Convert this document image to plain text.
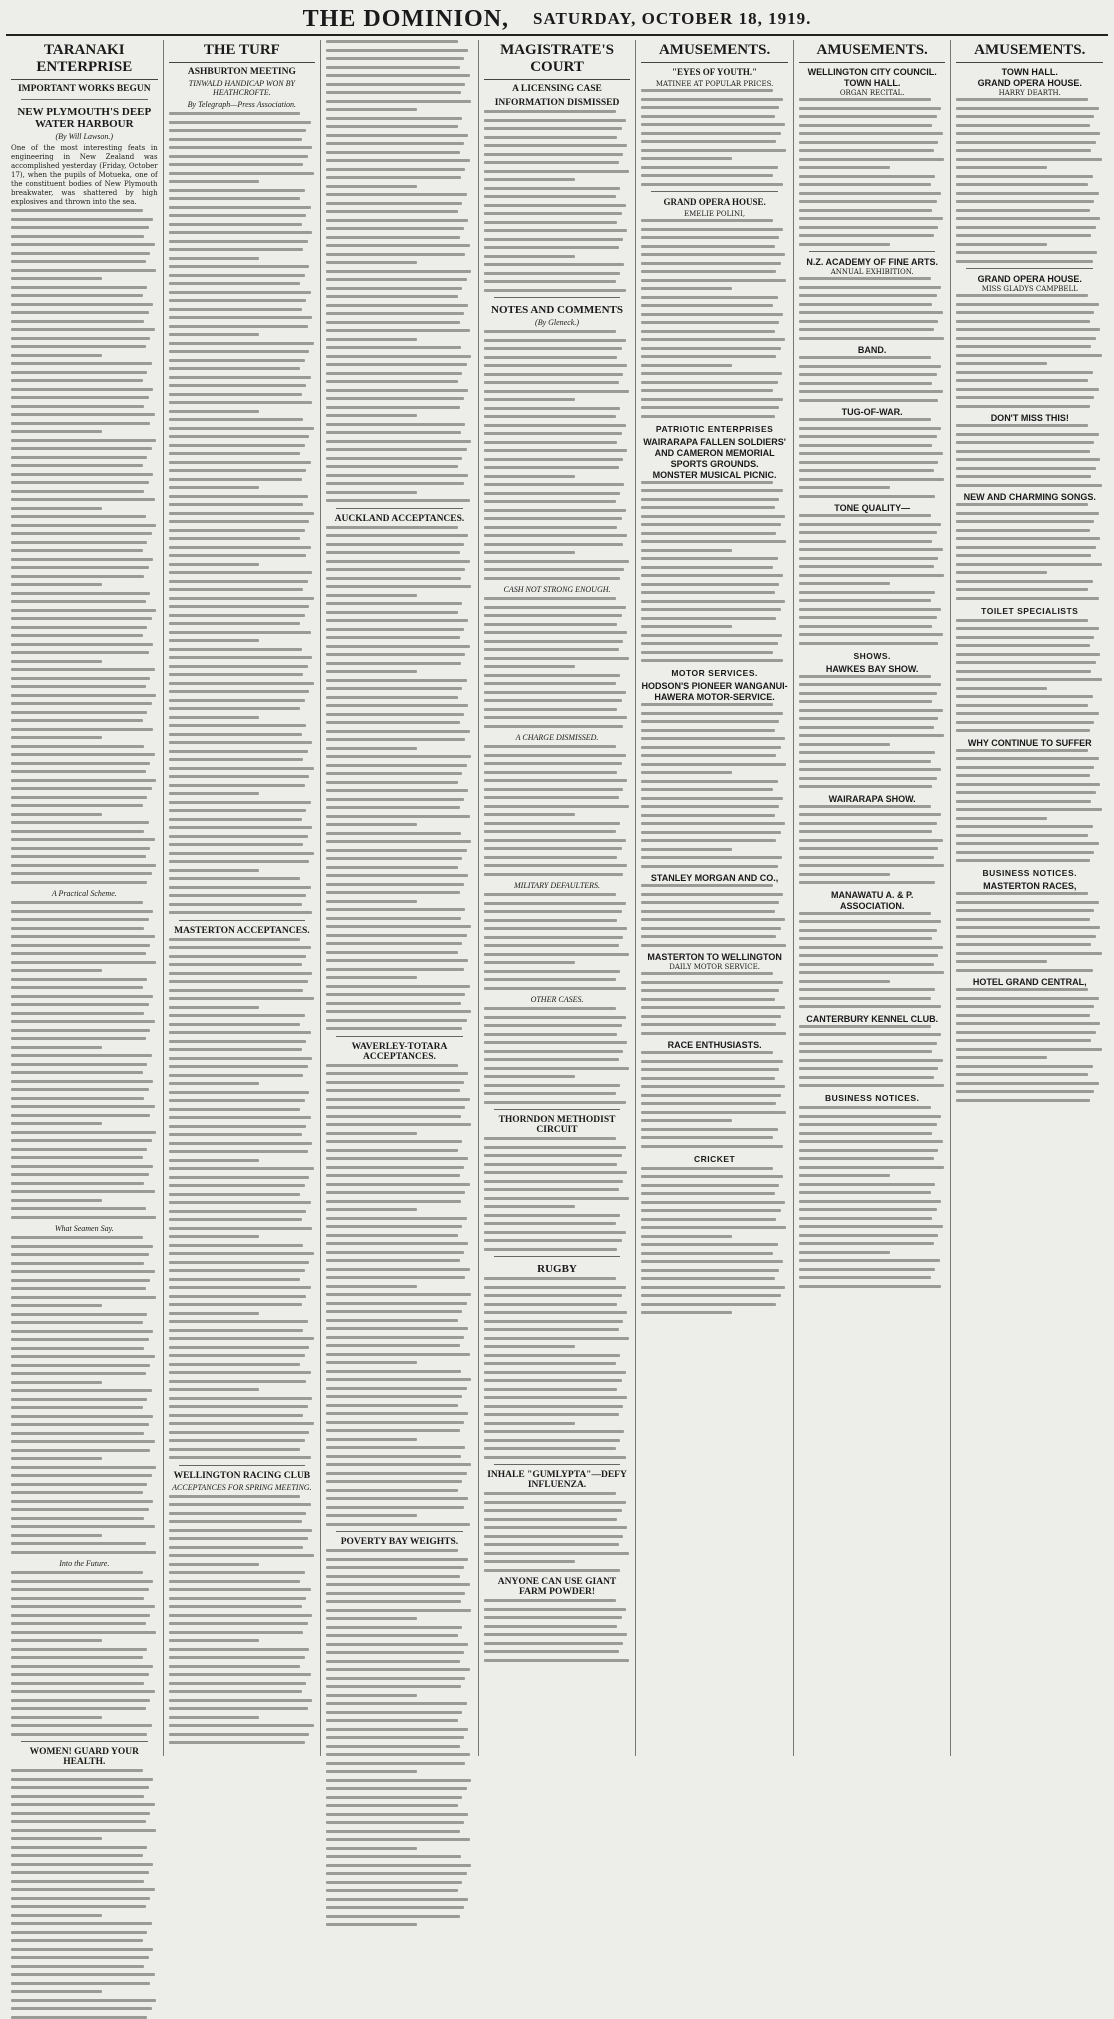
THE DOMINION, SATURDAY, OCTOBER 18, 1919.
TARANAKI ENTERPRISE
IMPORTANT WORKS BEGUN
NEW PLYMOUTH'S DEEP WATER HARBOUR
(By Will Lawson.)

One of the most interesting feats in engineering in New Zealand was accomplished yesterday (Friday, October 17), when the pupils of Motueka, one of the constituent bodies of New Plymouth breakwater, was shattered by high explosives and thrown into the sea.

A Practical Scheme.
What Seamen Say.
Into the Future.
WOMEN! GUARD YOUR HEALTH.
THE TURF
ASHBURTON MEETING
TINWALD HANDICAP WON BY HEATHCROFTE.
By Telegraph—Press Association.
MASTERTON ACCEPTANCES.
WELLINGTON RACING CLUB
ACCEPTANCES FOR SPRING MEETING.
AUCKLAND ACCEPTANCES.
WAVERLEY-TOTARA ACCEPTANCES.
POVERTY BAY WEIGHTS.
MAGISTRATE'S COURT
A LICENSING CASE
INFORMATION DISMISSED
NOTES AND COMMENTS
(By Gleneck.)
CASH NOT STRONG ENOUGH.
A CHARGE DISMISSED.
MILITARY DEFAULTERS.
OTHER CASES.
THORNDON METHODIST CIRCUIT
RUGBY
INHALE "GUMLYPTA"—DEFY INFLUENZA.
ANYONE CAN USE GIANT FARM POWDER!
AMUSEMENTS.
"EYES OF YOUTH."
MATINEE AT POPULAR PRICES.
GRAND OPERA HOUSE.
EMELIE POLINI,
PATRIOTIC ENTERPRISES
WAIRARAPA FALLEN SOLDIERS' AND CAMERON MEMORIAL SPORTS GROUNDS.
MONSTER MUSICAL PICNIC.
MOTOR SERVICES.
HODSON'S PIONEER WANGANUI-HAWERA MOTOR-SERVICE.
STANLEY MORGAN AND CO.,
MASTERTON TO WELLINGTON
DAILY MOTOR SERVICE.
RACE ENTHUSIASTS.
CRICKET
AMUSEMENTS.
WELLINGTON CITY COUNCIL.
TOWN HALL.
ORGAN RECITAL.
N.Z. ACADEMY OF FINE ARTS.
ANNUAL EXHIBITION.
BAND.
TUG-OF-WAR.
TONE QUALITY—
SHOWS.
HAWKES BAY SHOW.
WAIRARAPA SHOW.
MANAWATU A. & P. ASSOCIATION.
CANTERBURY KENNEL CLUB.
BUSINESS NOTICES.
AMUSEMENTS.
TOWN HALL.
GRAND OPERA HOUSE.
HARRY DEARTH.
GRAND OPERA HOUSE.
MISS GLADYS CAMPBELL
DON'T MISS THIS!
NEW AND CHARMING SONGS.
TOILET SPECIALISTS
WHY CONTINUE TO SUFFER
BUSINESS NOTICES.
MASTERTON RACES,
HOTEL GRAND CENTRAL,
